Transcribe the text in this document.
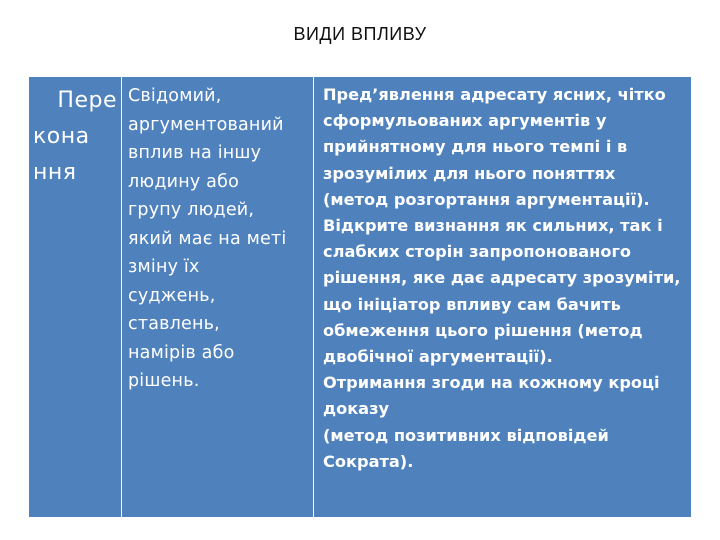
ВИДИ ВПЛИВУ
Пере
кона
ння
Свідомий,
аргументований
вплив на іншу
людину або
групу людей,
який має на меті
зміну їх
суджень,
ставлень,
намірів або
рішень.
Пред’явлення адресату ясних, чітко
сформульованих аргументів у
прийнятному для нього темпі і в
зрозумілих для нього поняттях
(метод розгортання аргументації).
Відкрите визнання як сильних, так і
слабких сторін запропонованого
рішення, яке дає адресату зрозуміти,
що ініціатор впливу сам бачить
обмеження цього рішення (метод
двобічної аргументації).
Отримання згоди на кожному кроці
доказу
(метод позитивних відповідей
Сократа).
